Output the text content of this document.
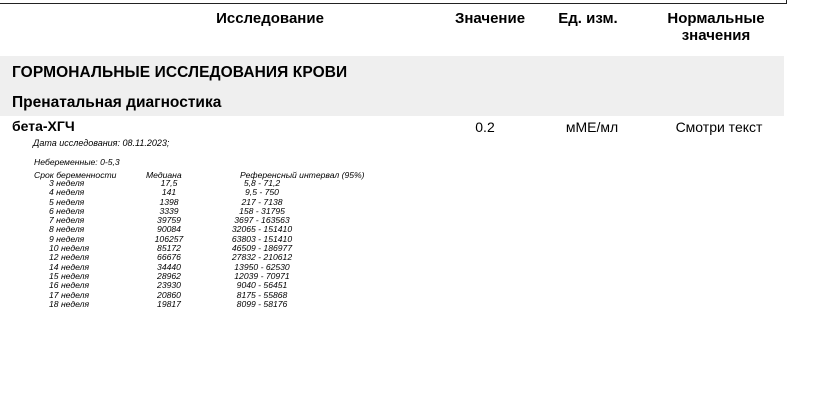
Исследование	Значение	Ед. изм.	Нормальные значения
ГОРМОНАЛЬНЫЕ ИССЛЕДОВАНИЯ КРОВИ
Пренатальная диагностика
бета-ХГЧ	0.2	мМЕ/мл	Смотри текст
Дата исследования: 08.11.2023;
Небеременные: 0-5,3
Срок беременности	Медиана	Референсный интервал (95%)
3 неделя	17,5	5,8 - 71,2
4 неделя	141	9,5 - 750
5 неделя	1398	217 - 7138
6 неделя	3339	158 - 31795
7 неделя	39759	3697 - 163563
8 неделя	90084	32065 - 151410
9 неделя	106257	63803 - 151410
10 неделя	85172	46509 - 186977
12 неделя	66676	27832 - 210612
14 неделя	34440	13950 - 62530
15 неделя	28962	12039 - 70971
16 неделя	23930	9040 - 56451
17 неделя	20860	8175 - 55868
18 неделя	19817	8099 - 58176
